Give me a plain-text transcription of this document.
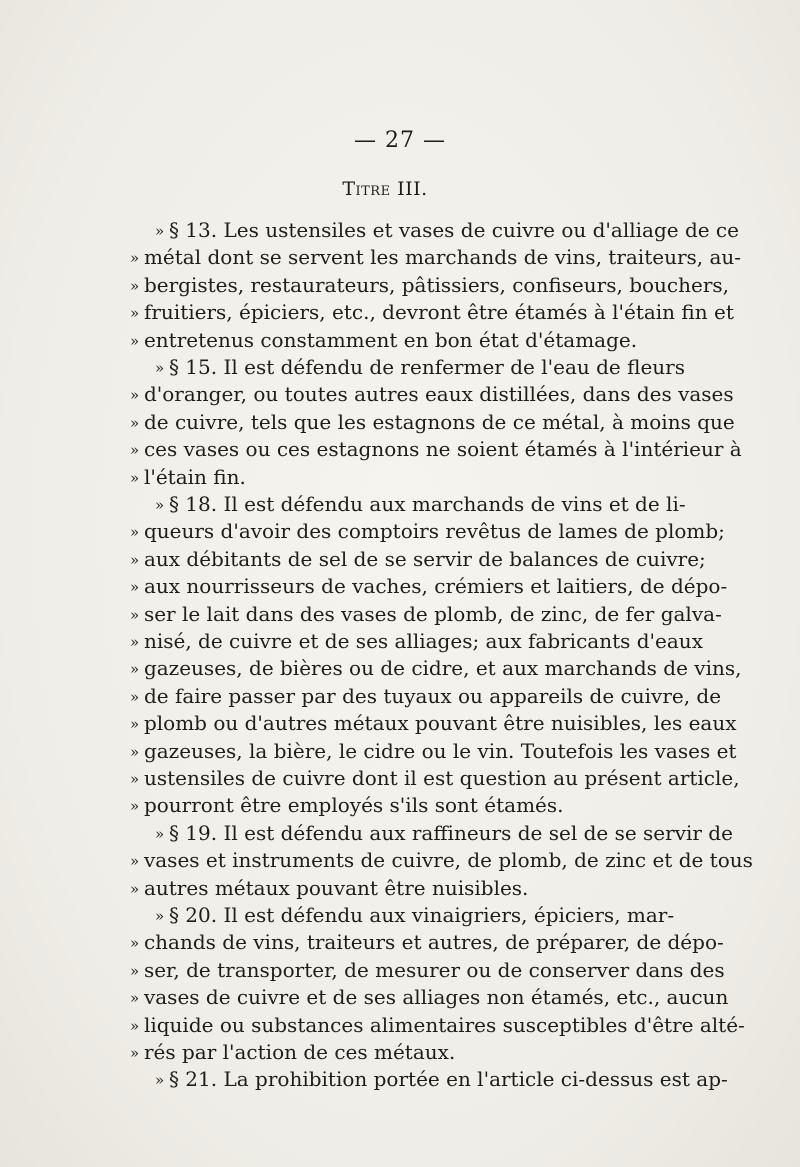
— 27 —
Titre III.
» § 13. Les ustensiles et vases de cuivre ou d'alliage de ce
» métal dont se servent les marchands de vins, traiteurs, au-
» bergistes, restaurateurs, pâtissiers, confiseurs, bouchers,
» fruitiers, épiciers, etc., devront être étamés à l'étain fin et
» entretenus constamment en bon état d'étamage.
» § 15. Il est défendu de renfermer de l'eau de fleurs
» d'oranger, ou toutes autres eaux distillées, dans des vases
» de cuivre, tels que les estagnons de ce métal, à moins que
» ces vases ou ces estagnons ne soient étamés à l'intérieur à
» l'étain fin.
» § 18. Il est défendu aux marchands de vins et de li-
» queurs d'avoir des comptoirs revêtus de lames de plomb;
» aux débitants de sel de se servir de balances de cuivre;
» aux nourrisseurs de vaches, crémiers et laitiers, de dépo-
» ser le lait dans des vases de plomb, de zinc, de fer galva-
» nisé, de cuivre et de ses alliages; aux fabricants d'eaux
» gazeuses, de bières ou de cidre, et aux marchands de vins,
» de faire passer par des tuyaux ou appareils de cuivre, de
» plomb ou d'autres métaux pouvant être nuisibles, les eaux
» gazeuses, la bière, le cidre ou le vin. Toutefois les vases et
» ustensiles de cuivre dont il est question au présent article,
» pourront être employés s'ils sont étamés.
» § 19. Il est défendu aux raffineurs de sel de se servir de
» vases et instruments de cuivre, de plomb, de zinc et de tous
» autres métaux pouvant être nuisibles.
» § 20. Il est défendu aux vinaigriers, épiciers, mar-
» chands de vins, traiteurs et autres, de préparer, de dépo-
» ser, de transporter, de mesurer ou de conserver dans des
» vases de cuivre et de ses alliages non étamés, etc., aucun
» liquide ou substances alimentaires susceptibles d'être alté-
» rés par l'action de ces métaux.
» § 21. La prohibition portée en l'article ci-dessus est ap-
